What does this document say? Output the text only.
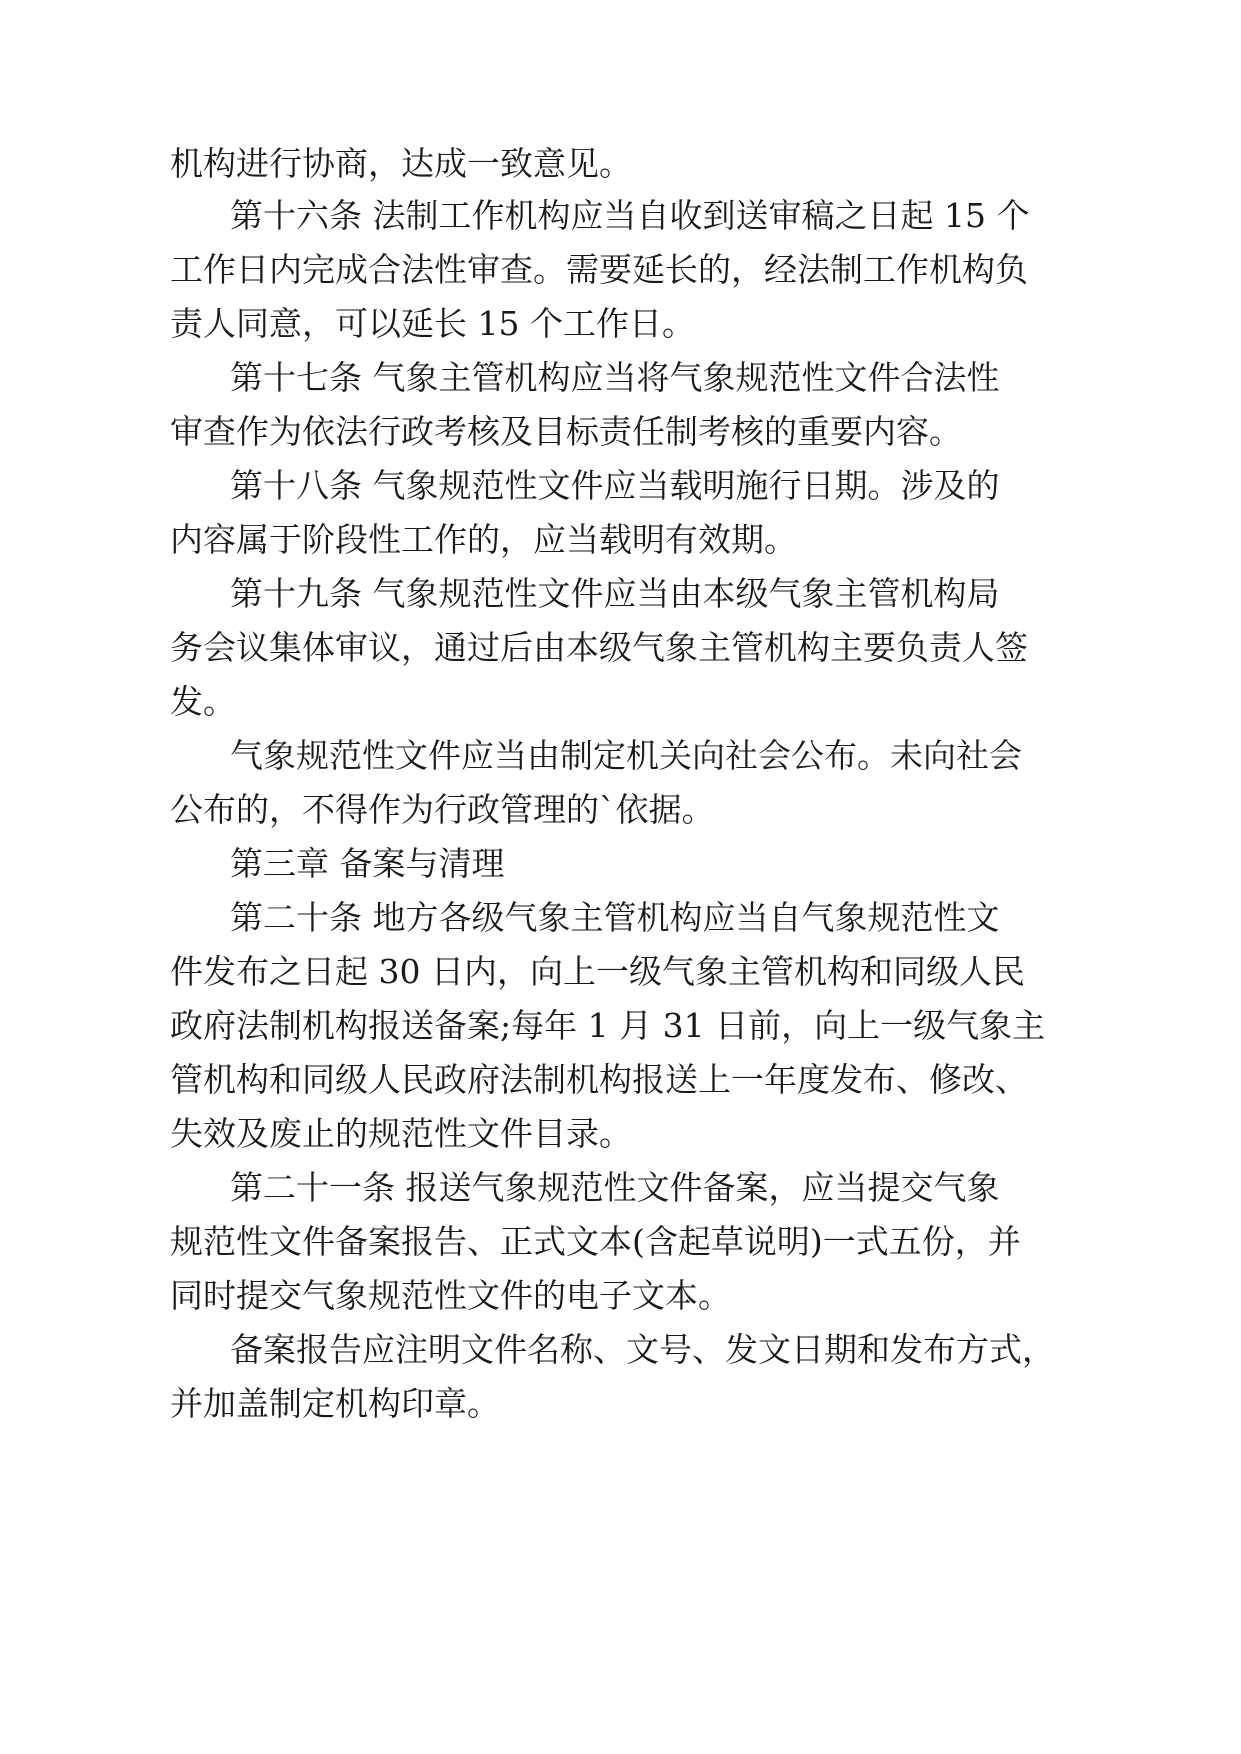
机构进行协商，达成一致意见。
第十六条 法制工作机构应当自收到送审稿之日起 15 个
工作日内完成合法性审查。需要延长的，经法制工作机构负
责人同意，可以延长 15 个工作日。
第十七条 气象主管机构应当将气象规范性文件合法性
审查作为依法行政考核及目标责任制考核的重要内容。
第十八条 气象规范性文件应当载明施行日期。涉及的
内容属于阶段性工作的，应当载明有效期。
第十九条 气象规范性文件应当由本级气象主管机构局
务会议集体审议，通过后由本级气象主管机构主要负责人签
发。
气象规范性文件应当由制定机关向社会公布。未向社会
公布的，不得作为行政管理的`依据。
第三章 备案与清理
第二十条 地方各级气象主管机构应当自气象规范性文
件发布之日起 30 日内，向上一级气象主管机构和同级人民
政府法制机构报送备案;每年 1 月 31 日前，向上一级气象主
管机构和同级人民政府法制机构报送上一年度发布、修改、
失效及废止的规范性文件目录。
第二十一条 报送气象规范性文件备案，应当提交气象
规范性文件备案报告、正式文本(含起草说明)一式五份，并
同时提交气象规范性文件的电子文本。
备案报告应注明文件名称、文号、发文日期和发布方式，
并加盖制定机构印章。
